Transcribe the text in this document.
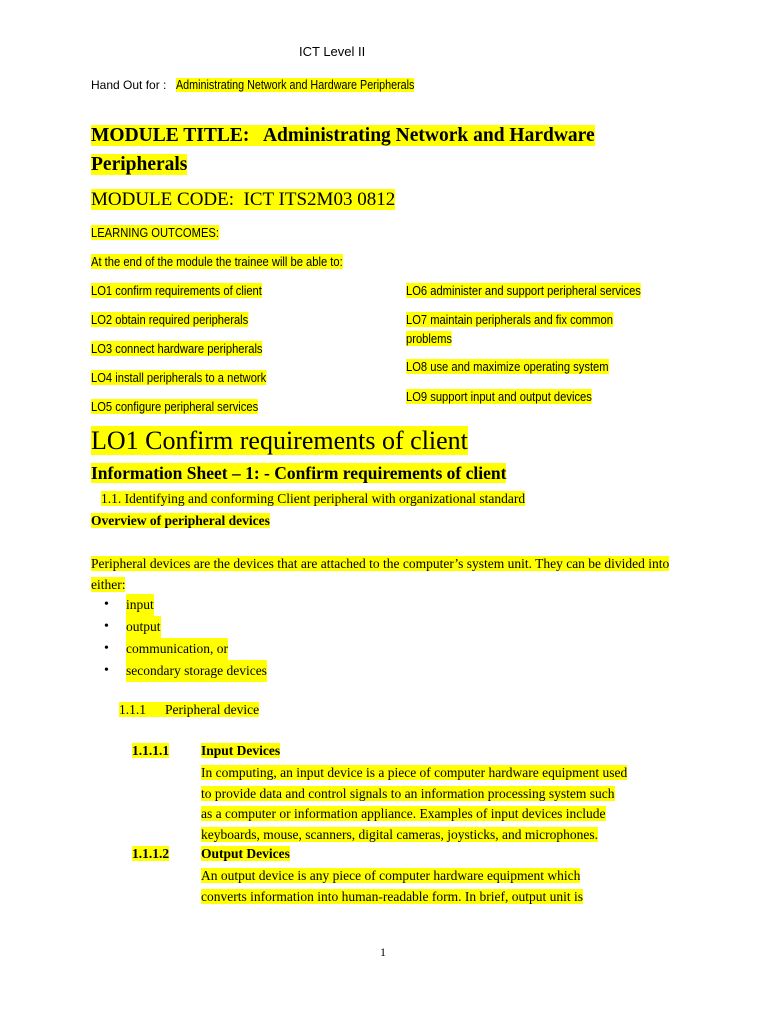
ICT Level II
Hand Out for : Administrating Network and Hardware Peripherals
MODULE TITLE: Administrating Network and Hardware Peripherals
MODULE CODE: ICT ITS2M03 0812
LEARNING OUTCOMES:
At the end of the module the trainee will be able to:
LO1 confirm requirements of client
LO2 obtain required peripherals
LO3 connect hardware peripherals
LO4 install peripherals to a network
LO5 configure peripheral services
LO6 administer and support peripheral services
LO7 maintain peripherals and fix common
problems
LO8 use and maximize operating system
LO9 support input and output devices
LO1 Confirm requirements of client
Information Sheet – 1: - Confirm requirements of client
1.1. Identifying and conforming Client peripheral with organizational standard
Overview of peripheral devices
Peripheral devices are the devices that are attached to the computer’s system unit. They can be divided into either:
•	input
•	output
•	communication, or
•	secondary storage devices
1.1.1 Peripheral device
1.1.1.1 Input Devices
In computing, an input device is a piece of computer hardware equipment used
to provide data and control signals to an information processing system such
as a computer or information appliance. Examples of input devices include
keyboards, mouse, scanners, digital cameras, joysticks, and microphones.
1.1.1.2 Output Devices
An output device is any piece of computer hardware equipment which
converts information into human-readable form. In brief, output unit is
1
